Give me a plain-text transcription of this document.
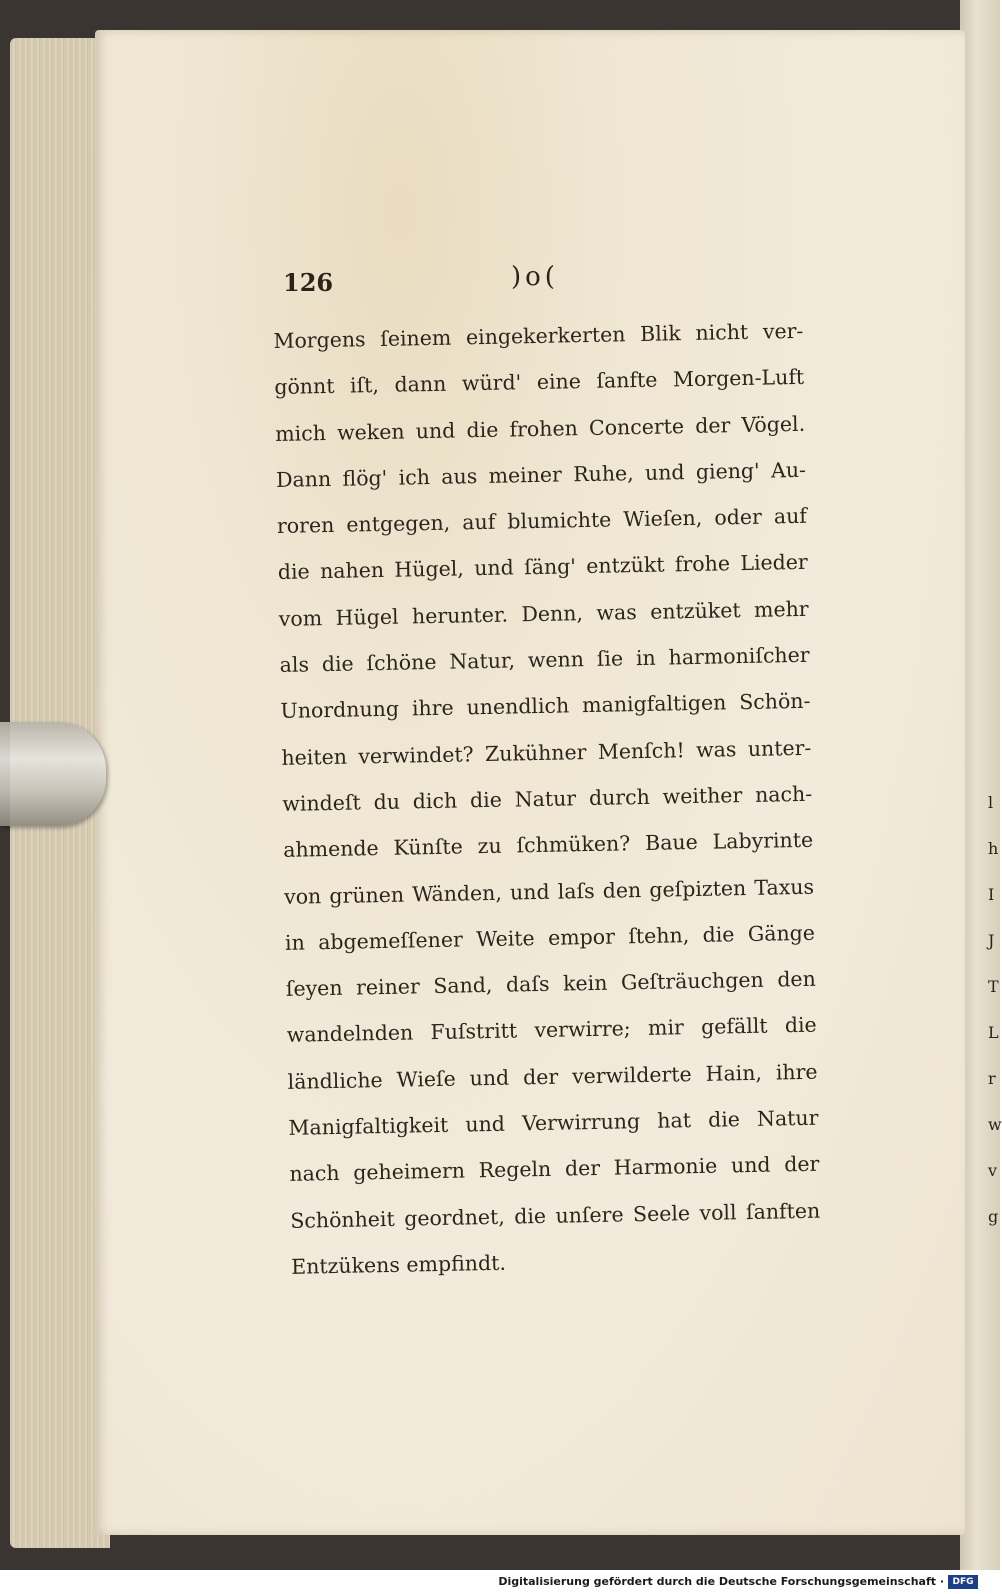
l
h
I
J
T
L
r
w
v
g
126	)o(
Morgens ſeinem eingekerkerten Blik nicht ver-
gönnt iſt, dann würd' eine ſanfte Morgen-Luft
mich weken und die frohen Concerte der Vögel.
Dann flög' ich aus meiner Ruhe, und gieng' Au-
roren entgegen, auf blumichte Wieſen, oder auf
die nahen Hügel, und ſäng' entzükt frohe Lieder
vom Hügel herunter. Denn, was entzüket mehr
als die ſchöne Natur, wenn ſie in harmoniſcher
Unordnung ihre unendlich manigfaltigen Schön-
heiten verwindet? Zukühner Menſch! was unter-
windeſt du dich die Natur durch weither nach-
ahmende Künſte zu ſchmüken? Baue Labyrinte
von grünen Wänden, und laſs den geſpizten Taxus
in abgemeſſener Weite empor ſtehn, die Gänge
ſeyen reiner Sand, daſs kein Geſträuchgen den
wandelnden Fuſstritt verwirre; mir gefällt die
ländliche Wieſe und der verwilderte Hain, ihre
Manigfaltigkeit und Verwirrung hat die Natur
nach geheimern Regeln der Harmonie und der
Schönheit geordnet, die unſere Seele voll ſanften
Entzükens empfindt.
Digitalisierung gefördert durch die Deutsche Forschungsgemeinschaft · DFG
